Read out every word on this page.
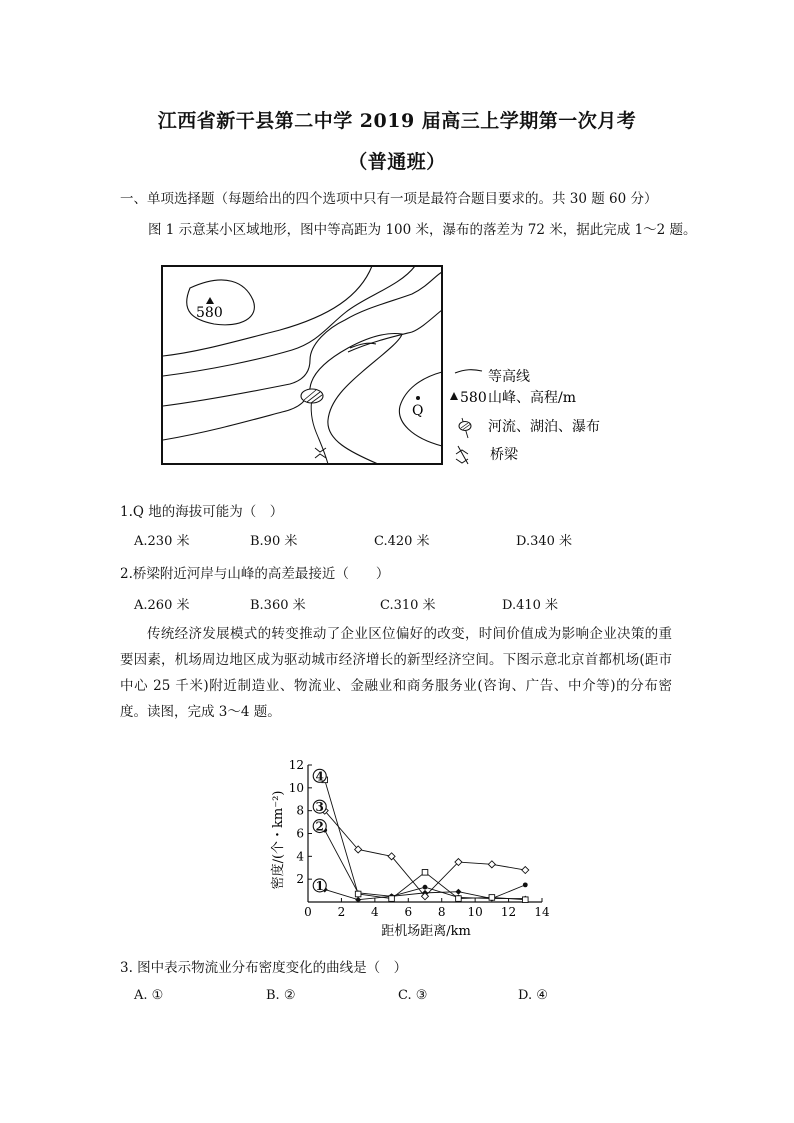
江西省新干县第二中学 2019 届高三上学期第一次月考
（普通班）
一、单项选择题（每题给出的四个选项中只有一项是最符合题目要求的。共 30 题 60 分）
图 1 示意某小区域地形，图中等高距为 100 米，瀑布的落差为 72 米，据此完成 1～2 题。
580
Q
等高线
580 山峰、高程/m
河流、湖泊、瀑布
桥梁
1.Q 地的海拔可能为（　）
A.230 米	B.90 米	C.420 米	D.340 米
2.桥梁附近河岸与山峰的高差最接近（　　）
A.260 米	B.360 米	C.310 米	D.410 米
传统经济发展模式的转变推动了企业区位偏好的改变，时间价值成为影响企业决策的重要因素，机场周边地区成为驱动城市经济增长的新型经济空间。下图示意北京首都机场(距市中心 25 千米)附近制造业、物流业、金融业和商务服务业(咨询、广告、中介等)的分布密度。读图，完成 3～4 题。
0 2 4 6 8 10 12 14
2
4
6
8
10
12
1
2
3
4
密度/(个・km⁻²)
距机场距离/km
3. 图中表示物流业分布密度变化的曲线是（　）
A. ①	B. ②	C. ③	D. ④
